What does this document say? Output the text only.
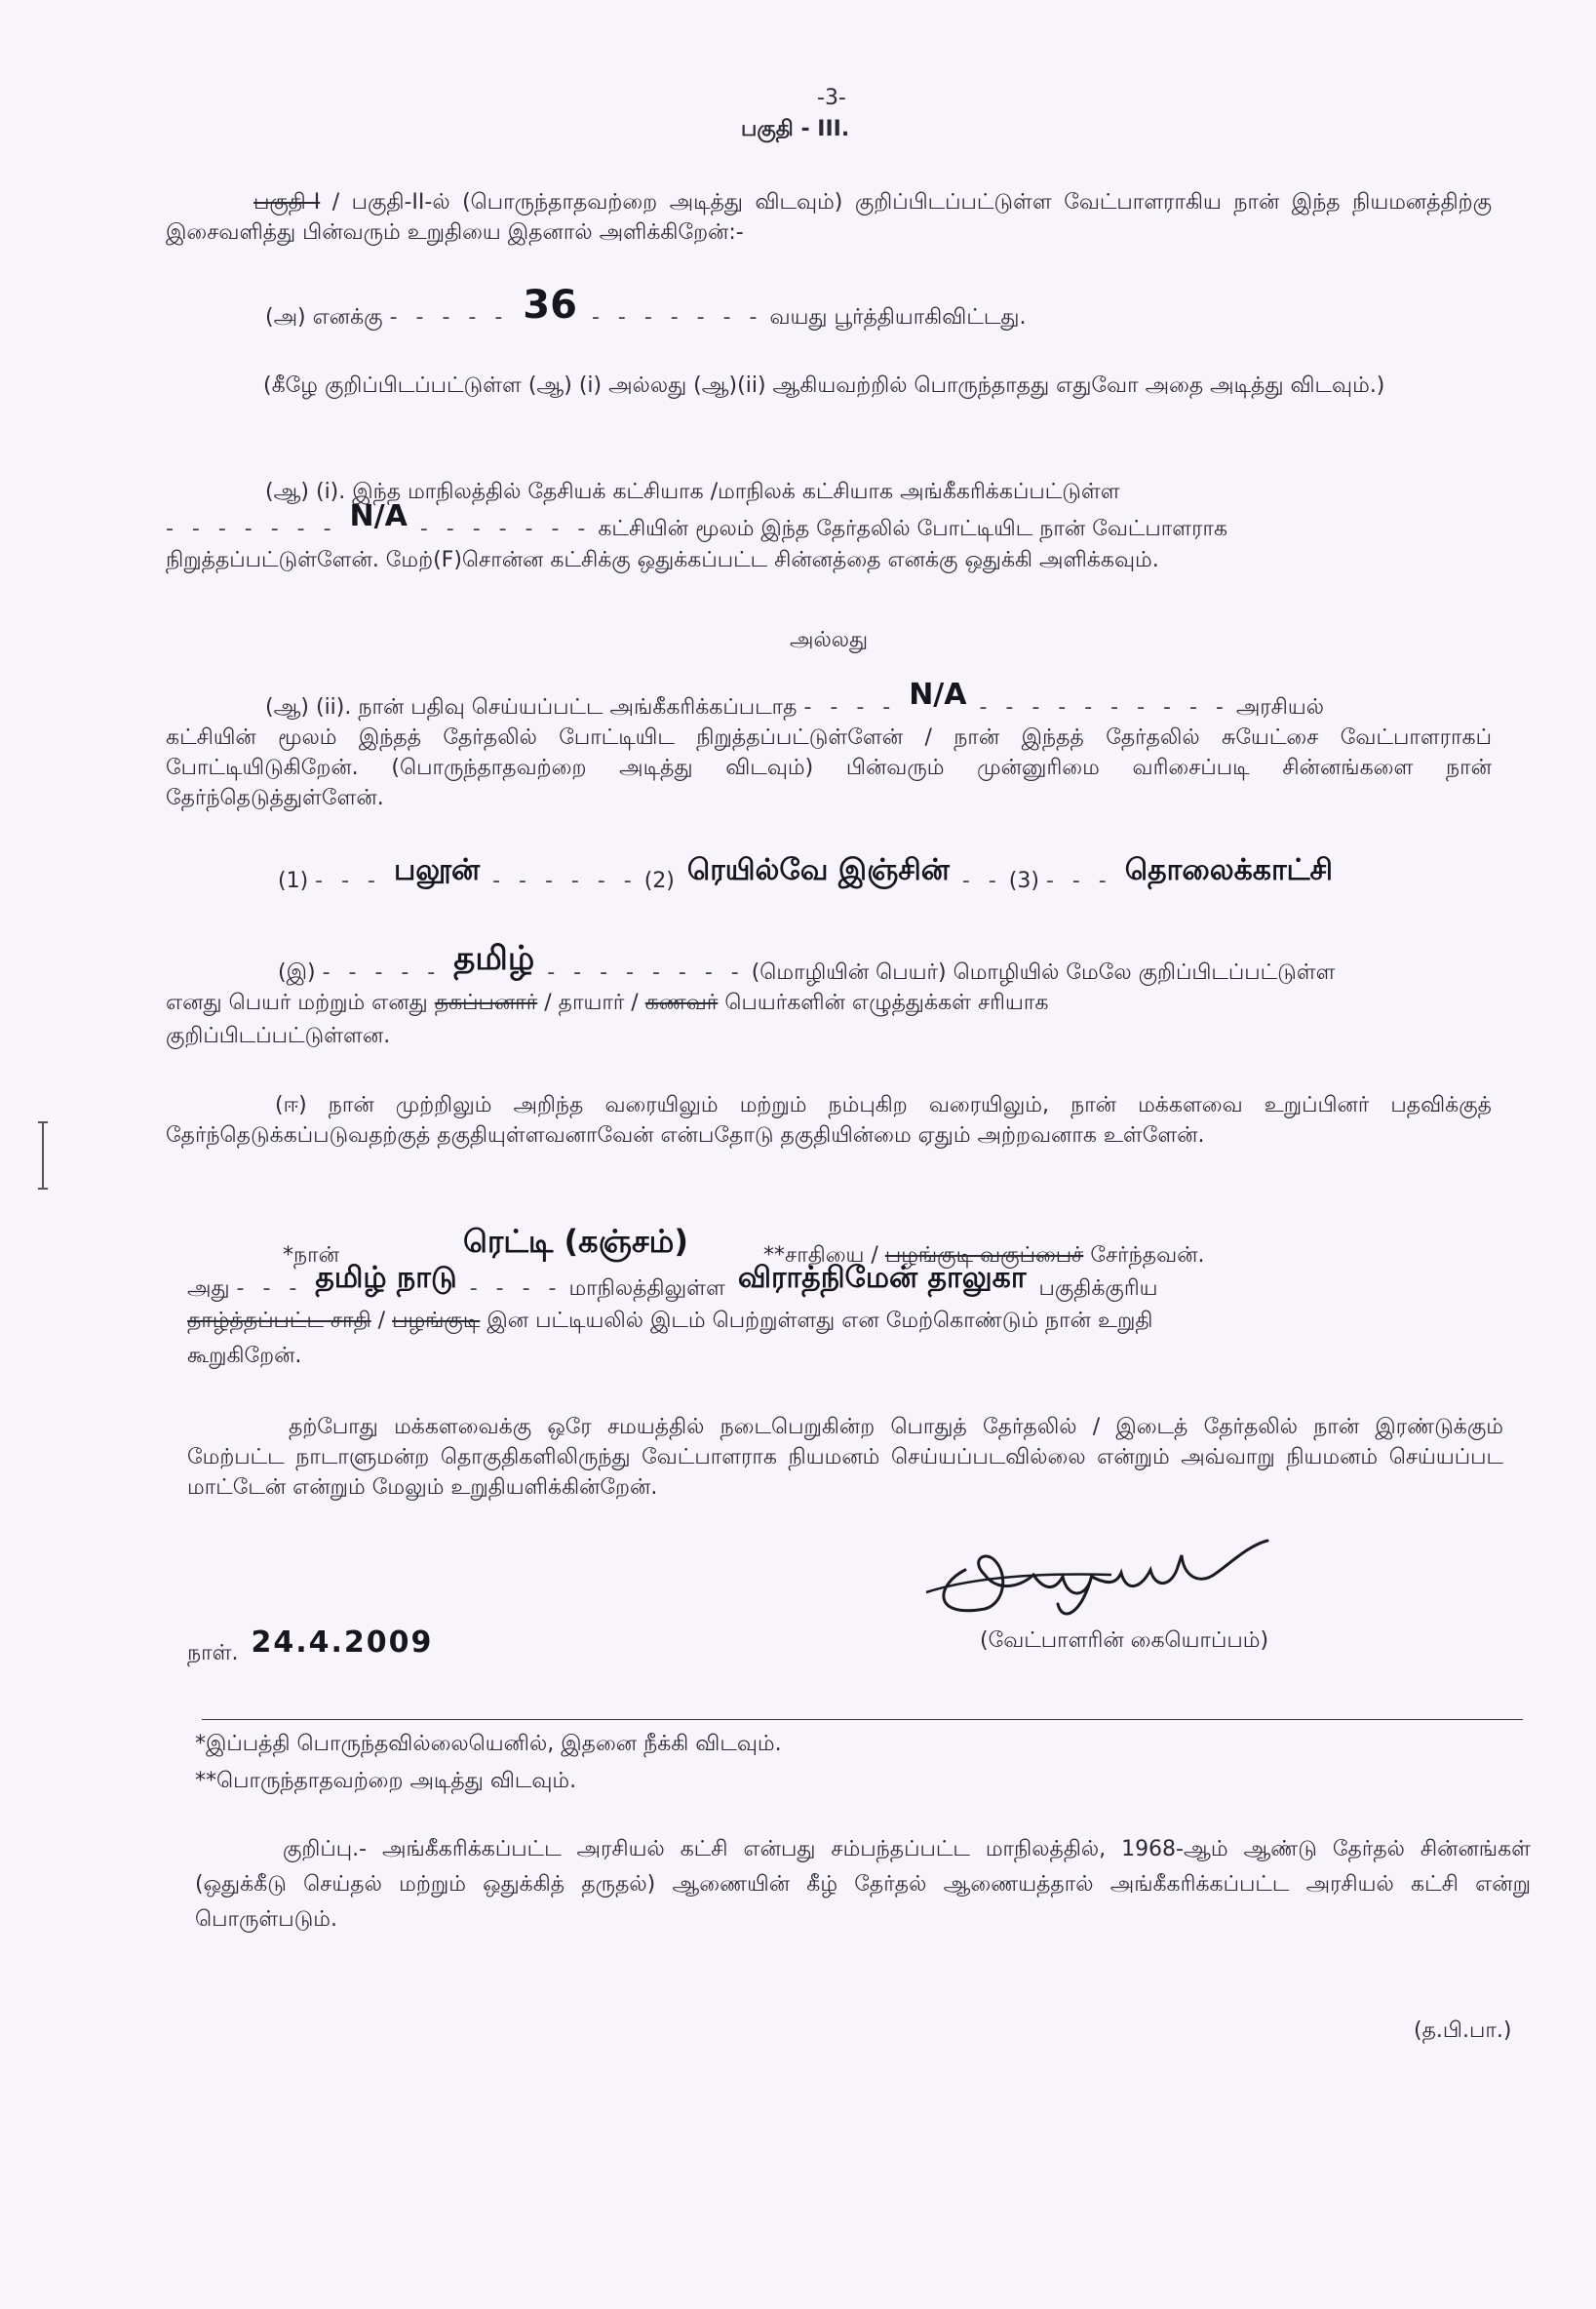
-3-
பகுதி - III.
பகுதி-I / பகுதி-II-ல் (பொருந்தாதவற்றை அடித்து விடவும்) குறிப்பிடப்பட்டுள்ள வேட்பாளராகிய நான் இந்த நியமனத்திற்கு இசைவளித்து பின்வரும் உறுதியை இதனால் அளிக்கிறேன்:-
(அ) எனக்கு - - - - - 36 - - - - - - - வயது பூர்த்தியாகிவிட்டது.
(கீழே குறிப்பிடப்பட்டுள்ள (ஆ) (i) அல்லது (ஆ)(ii) ஆகியவற்றில் பொருந்தாதது எதுவோ அதை அடித்து விடவும்.)
(ஆ) (i). இந்த மாநிலத்தில் தேசியக் கட்சியாக /மாநிலக் கட்சியாக அங்கீகரிக்கப்பட்டுள்ள
- - - - - - - N/A - - - - - - - கட்சியின் மூலம் இந்த தேர்தலில் போட்டியிட நான் வேட்பாளராக
நிறுத்தப்பட்டுள்ளேன். மேற்(F)சொன்ன கட்சிக்கு ஒதுக்கப்பட்ட சின்னத்தை எனக்கு ஒதுக்கி அளிக்கவும்.
அல்லது
(ஆ) (ii). நான் பதிவு செய்யப்பட்ட அங்கீகரிக்கப்படாத - - - - N/A - - - - - - - - - - அரசியல்
கட்சியின் மூலம் இந்தத் தேர்தலில் போட்டியிட நிறுத்தப்பட்டுள்ளேன் / நான் இந்தத் தேர்தலில் சுயேட்சை வேட்பாளராகப் போட்டியிடுகிறேன். (பொருந்தாதவற்றை அடித்து விடவும்) பின்வரும் முன்னுரிமை வரிசைப்படி சின்னங்களை நான் தேர்ந்தெடுத்துள்ளேன்.
(1) - - - பலூன் - - - - - - (2) ரெயில்வே இஞ்சின் - - (3) - - - தொலைக்காட்சி
(இ) - - - - - தமிழ் - - - - - - - - (மொழியின் பெயர்) மொழியில் மேலே குறிப்பிடப்பட்டுள்ள
எனது பெயர் மற்றும் எனது தகப்பனார் / தாயார் / கணவர் பெயர்களின் எழுத்துக்கள் சரியாக
குறிப்பிடப்பட்டுள்ளன.
(ஈ) நான் முற்றிலும் அறிந்த வரையிலும் மற்றும் நம்புகிற வரையிலும், நான் மக்களவை உறுப்பினர் பதவிக்குத் தேர்ந்தெடுக்கப்படுவதற்குத் தகுதியுள்ளவனாவேன் என்பதோடு தகுதியின்மை ஏதும் அற்றவனாக உள்ளேன்.
*நான்	ரெட்டி (கஞ்சம்)	**சாதியை / பழங்குடி வகுப்பைச் சேர்ந்தவன்.
அது - - - தமிழ் நாடு - - - - மாநிலத்திலுள்ள விராத்நிமேன் தாலுகா பகுதிக்குரிய
தாழ்த்தப்பட்ட சாதி / பழங்குடி இன பட்டியலில் இடம் பெற்றுள்ளது என மேற்கொண்டும் நான் உறுதி
கூறுகிறேன்.
தற்போது மக்களவைக்கு ஒரே சமயத்தில் நடைபெறுகின்ற பொதுத் தேர்தலில் / இடைத் தேர்தலில் நான் இரண்டுக்கும் மேற்பட்ட நாடாளுமன்ற தொகுதிகளிலிருந்து வேட்பாளராக நியமனம் செய்யப்படவில்லை என்றும் அவ்வாறு நியமனம் செய்யப்பட மாட்டேன் என்றும் மேலும் உறுதியளிக்கின்றேன்.
(வேட்பாளரின் கையொப்பம்)
நாள். 24.4.2009
*இப்பத்தி பொருந்தவில்லையெனில், இதனை நீக்கி விடவும்.
**பொருந்தாதவற்றை அடித்து விடவும்.
குறிப்பு.- அங்கீகரிக்கப்பட்ட அரசியல் கட்சி என்பது சம்பந்தப்பட்ட மாநிலத்தில், 1968-ஆம் ஆண்டு தேர்தல் சின்னங்கள் (ஒதுக்கீடு செய்தல் மற்றும் ஒதுக்கித் தருதல்) ஆணையின் கீழ் தேர்தல் ஆணையத்தால் அங்கீகரிக்கப்பட்ட அரசியல் கட்சி என்று பொருள்படும்.
(த.பி.பா.)
